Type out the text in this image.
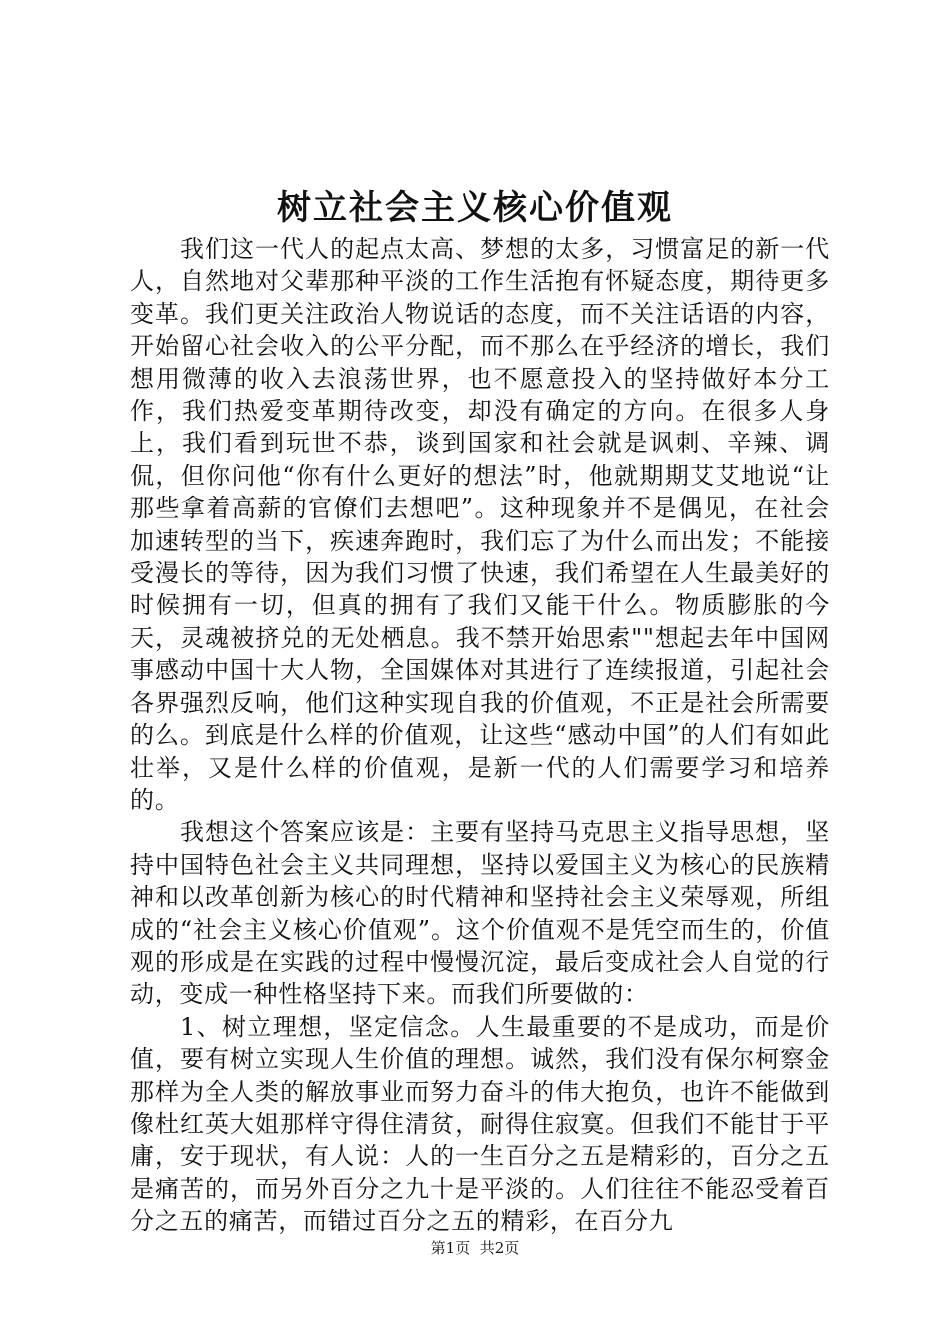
树立社会主义核心价值观

我们这一代人的起点太高、梦想的太多，习惯富足的新一代人，自然地对父辈那种平淡的工作生活抱有怀疑态度，期待更多变革。我们更关注政治人物说话的态度，而不关注话语的内容，开始留心社会收入的公平分配，而不那么在乎经济的增长，我们想用微薄的收入去浪荡世界，也不愿意投入的坚持做好本分工作，我们热爱变革期待改变，却没有确定的方向。在很多人身上，我们看到玩世不恭，谈到国家和社会就是讽刺、辛辣、调侃，但你问他“你有什么更好的想法”时，他就期期艾艾地说“让那些拿着高薪的官僚们去想吧”。这种现象并不是偶见，在社会加速转型的当下，疾速奔跑时，我们忘了为什么而出发；不能接受漫长的等待，因为我们习惯了快速，我们希望在人生最美好的时候拥有一切，但真的拥有了我们又能干什么。物质膨胀的今天，灵魂被挤兑的无处栖息。我不禁开始思索""想起去年中国网事感动中国十大人物，全国媒体对其进行了连续报道，引起社会各界强烈反响，他们这种实现自我的价值观，不正是社会所需要的么。到底是什么样的价值观，让这些“感动中国”的人们有如此壮举，又是什么样的价值观，是新一代的人们需要学习和培养的。

我想这个答案应该是：主要有坚持马克思主义指导思想，坚持中国特色社会主义共同理想，坚持以爱国主义为核心的民族精神和以改革创新为核心的时代精神和坚持社会主义荣辱观，所组成的“社会主义核心价值观”。这个价值观不是凭空而生的，价值观的形成是在实践的过程中慢慢沉淀，最后变成社会人自觉的行动，变成一种性格坚持下来。而我们所要做的：

1、树立理想，坚定信念。人生最重要的不是成功，而是价值，要有树立实现人生价值的理想。诚然，我们没有保尔柯察金那样为全人类的解放事业而努力奋斗的伟大抱负，也许不能做到像杜红英大姐那样守得住清贫，耐得住寂寞。但我们不能甘于平庸，安于现状，有人说：人的一生百分之五是精彩的，百分之五是痛苦的，而另外百分之九十是平淡的。人们往往不能忍受着百分之五的痛苦，而错过百分之五的精彩，在百分九

第1页 共2页
